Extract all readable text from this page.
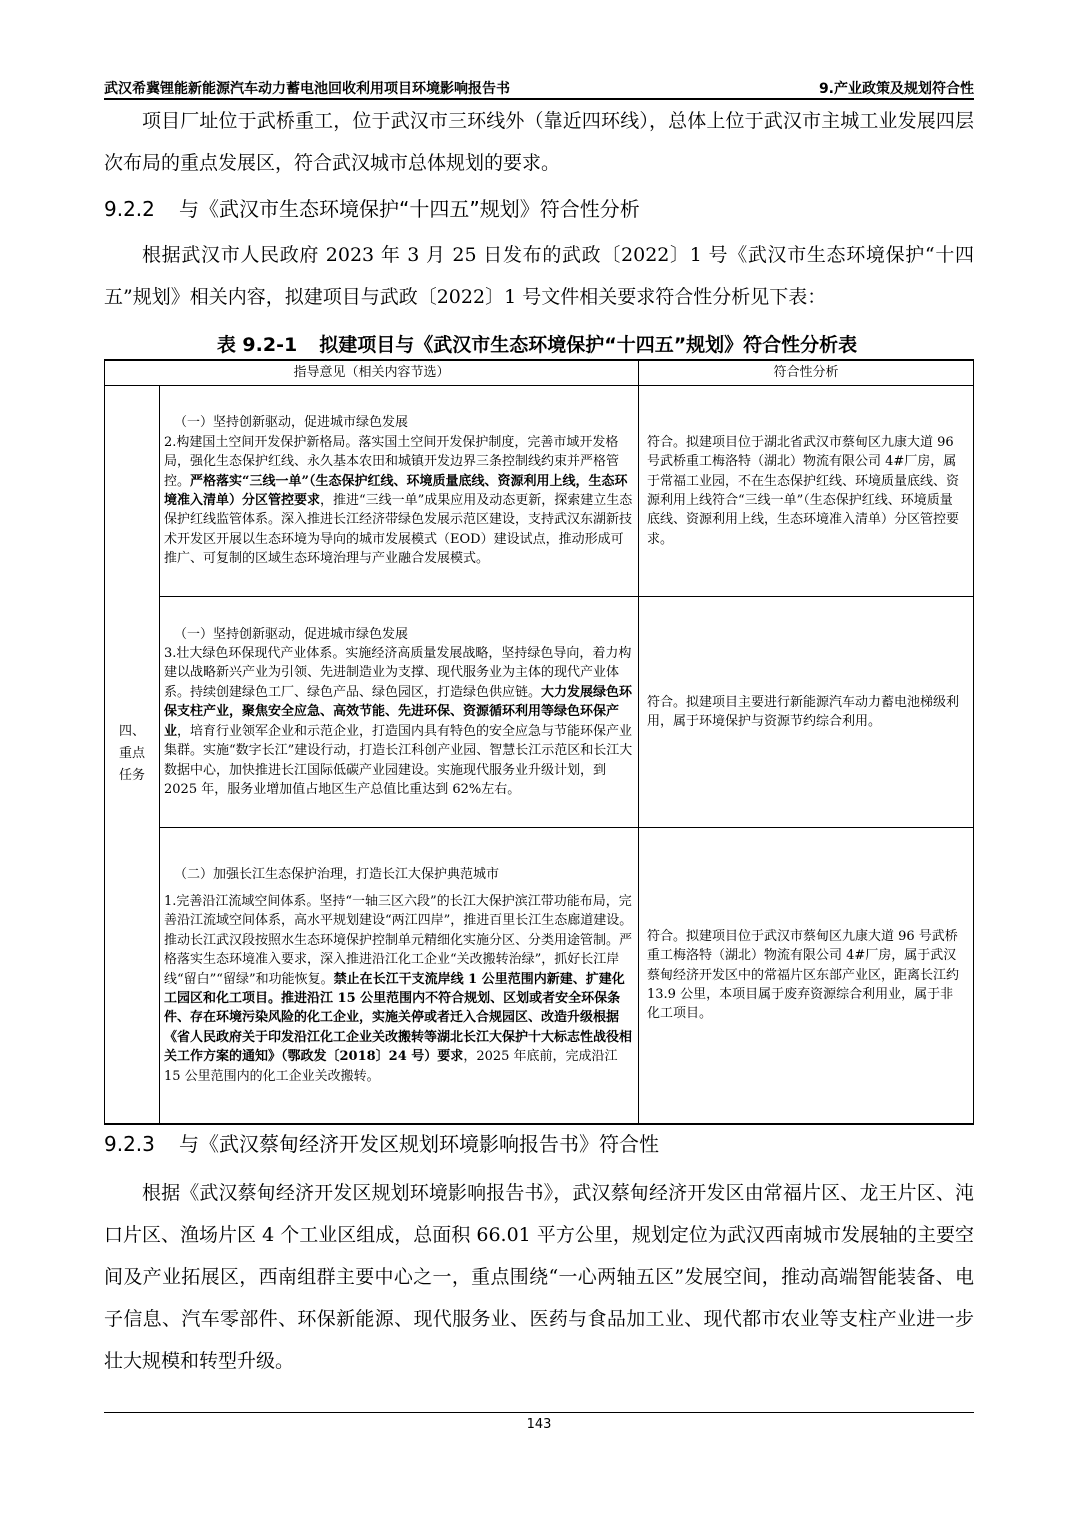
武汉希冀锂能新能源汽车动力蓄电池回收利用项目环境影响报告书	9.产业政策及规划符合性

项目厂址位于武桥重工，位于武汉市三环线外（靠近四环线），总体上位于武汉市主城工业发展四层次布局的重点发展区，符合武汉城市总体规划的要求。

9.2.2 与《武汉市生态环境保护“十四五”规划》符合性分析

根据武汉市人民政府 2023 年 3 月 25 日发布的武政〔2022〕1 号《武汉市生态环境保护“十四五”规划》相关内容，拟建项目与武政〔2022〕1 号文件相关要求符合性分析见下表：

表 9.2-1 拟建项目与《武汉市生态环境保护“十四五”规划》符合性分析表
指导意见（相关内容节选）		符合性分析

四、重点任务	（一）坚持创新驱动，促进城市绿色发展
2.构建国土空间开发保护新格局。落实国土空间开发保护制度，完善市域开发格局，强化生态保护红线、永久基本农田和城镇开发边界三条控制线约束并严格管控。严格落实“三线一单”（生态保护红线、环境质量底线、资源利用上线，生态环境准入清单）分区管控要求，推进“三线一单”成果应用及动态更新，探索建立生态保护红线监管体系。深入推进长江经济带绿色发展示范区建设，支持武汉东湖新技术开发区开展以生态环境为导向的城市发展模式（EOD）建设试点，推动形成可推广、可复制的区域生态环境治理与产业融合发展模式。	符合。拟建项目位于湖北省武汉市蔡甸区九康大道 96 号武桥重工梅洛特（湖北）物流有限公司 4#厂房，属于常福工业园，不在生态保护红线、环境质量底线、资源利用上线符合“三线一单”（生态保护红线、环境质量底线、资源利用上线，生态环境准入清单）分区管控要求。

	（一）坚持创新驱动，促进城市绿色发展
3.壮大绿色环保现代产业体系。实施经济高质量发展战略，坚持绿色导向，着力构建以战略新兴产业为引领、先进制造业为支撑、现代服务业为主体的现代产业体系。持续创建绿色工厂、绿色产品、绿色园区，打造绿色供应链。大力发展绿色环保支柱产业，聚焦安全应急、高效节能、先进环保、资源循环利用等绿色环保产业，培育行业领军企业和示范企业，打造国内具有特色的安全应急与节能环保产业集群。实施“数字长江”建设行动，打造长江科创产业园、智慧长江示范区和长江大数据中心，加快推进长江国际低碳产业园建设。实施现代服务业升级计划，到 2025 年，服务业增加值占地区生产总值比重达到 62%左右。	符合。拟建项目主要进行新能源汽车动力蓄电池梯级利用，属于环境保护与资源节约综合利用。

	（二）加强长江生态保护治理，打造长江大保护典范城市
1.完善沿江流域空间体系。坚持“一轴三区六段”的长江大保护滨江带功能布局，完善沿江流域空间体系，高水平规划建设“两江四岸”，推进百里长江生态廊道建设。推动长江武汉段按照水生态环境保护控制单元精细化实施分区、分类用途管制。严格落实生态环境准入要求，深入推进沿江化工企业“关改搬转治绿”，抓好长江岸线“留白”“留绿”和功能恢复。禁止在长江干支流岸线 1 公里范围内新建、扩建化工园区和化工项目。推进沿江 15 公里范围内不符合规划、区划或者安全环保条件、存在环境污染风险的化工企业，实施关停或者迁入合规园区、改造升级根据《省人民政府关于印发沿江化工企业关改搬转等湖北长江大保护十大标志性战役相关工作方案的通知》（鄂政发〔2018〕24 号）要求，2025 年底前，完成沿江 15 公里范围内的化工企业关改搬转。	符合。拟建项目位于武汉市蔡甸区九康大道 96 号武桥重工梅洛特（湖北）物流有限公司 4#厂房，属于武汉蔡甸经济开发区中的常福片区东部产业区，距离长江约 13.9 公里，本项目属于废弃资源综合利用业，属于非化工项目。
9.2.3 与《武汉蔡甸经济开发区规划环境影响报告书》符合性

根据《武汉蔡甸经济开发区规划环境影响报告书》，武汉蔡甸经济开发区由常福片区、龙王片区、沌口片区、渔场片区 4 个工业区组成，总面积 66.01 平方公里，规划定位为武汉西南城市发展轴的主要空间及产业拓展区，西南组群主要中心之一，重点围绕“一心两轴五区”发展空间，推动高端智能装备、电子信息、汽车零部件、环保新能源、现代服务业、医药与食品加工业、现代都市农业等支柱产业进一步壮大规模和转型升级。

143
